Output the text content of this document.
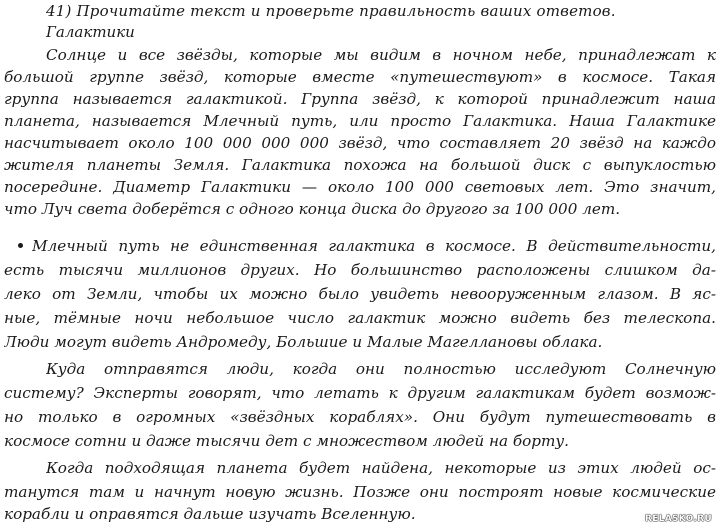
41) Прочитайте текст и проверьте правильность ваших ответов.
Галактики
Солнце и все звёзды, которые мы видим в ночном небе, принадлежат к
большой группе звёзд, которые вместе «путешествуют» в космосе. Такая
группа называется галактикой. Группа звёзд, к которой принадлежит наша
планета, называется Млечный путь, или просто Галактика. Наша Галактике
насчитывает около 100 000 000 000 звёзд, что составляет 20 звёзд на каждо
жителя планеты Земля. Галактика похожа на большой диск с выпуклостью
посередине. Диаметр Галактики — около 100 000 световых лет. Это значит,
что Луч света доберётся с одного конца диска до другого за 100 000 лет.
Млечный путь не единственная галактика в космосе. В действительности,
есть тысячи миллионов других. Но большинство расположены слишком да-
леко от Земли, чтобы их можно было увидеть невооруженным глазом. В яс-
ные, тёмные ночи небольшое число галактик можно видеть без телескопа.
Люди могут видеть Андромеду, Большие и Малые Магеллановы облака.
Куда отправятся люди, когда они полностью исследуют Солнечную
систему? Эксперты говорят, что летать к другим галактикам будет возмож-
но только в огромных «звёздных кораблях». Они будут путешествовать в
космосе сотни и даже тысячи дет с множеством людей на борту.
Когда подходящая планета будет найдена, некоторые из этих людей ос-
танутся там и начнут новую жизнь. Позже они построят новые космические
корабли и оправятся дальше изучать Вселенную.	RELASKO.RU
